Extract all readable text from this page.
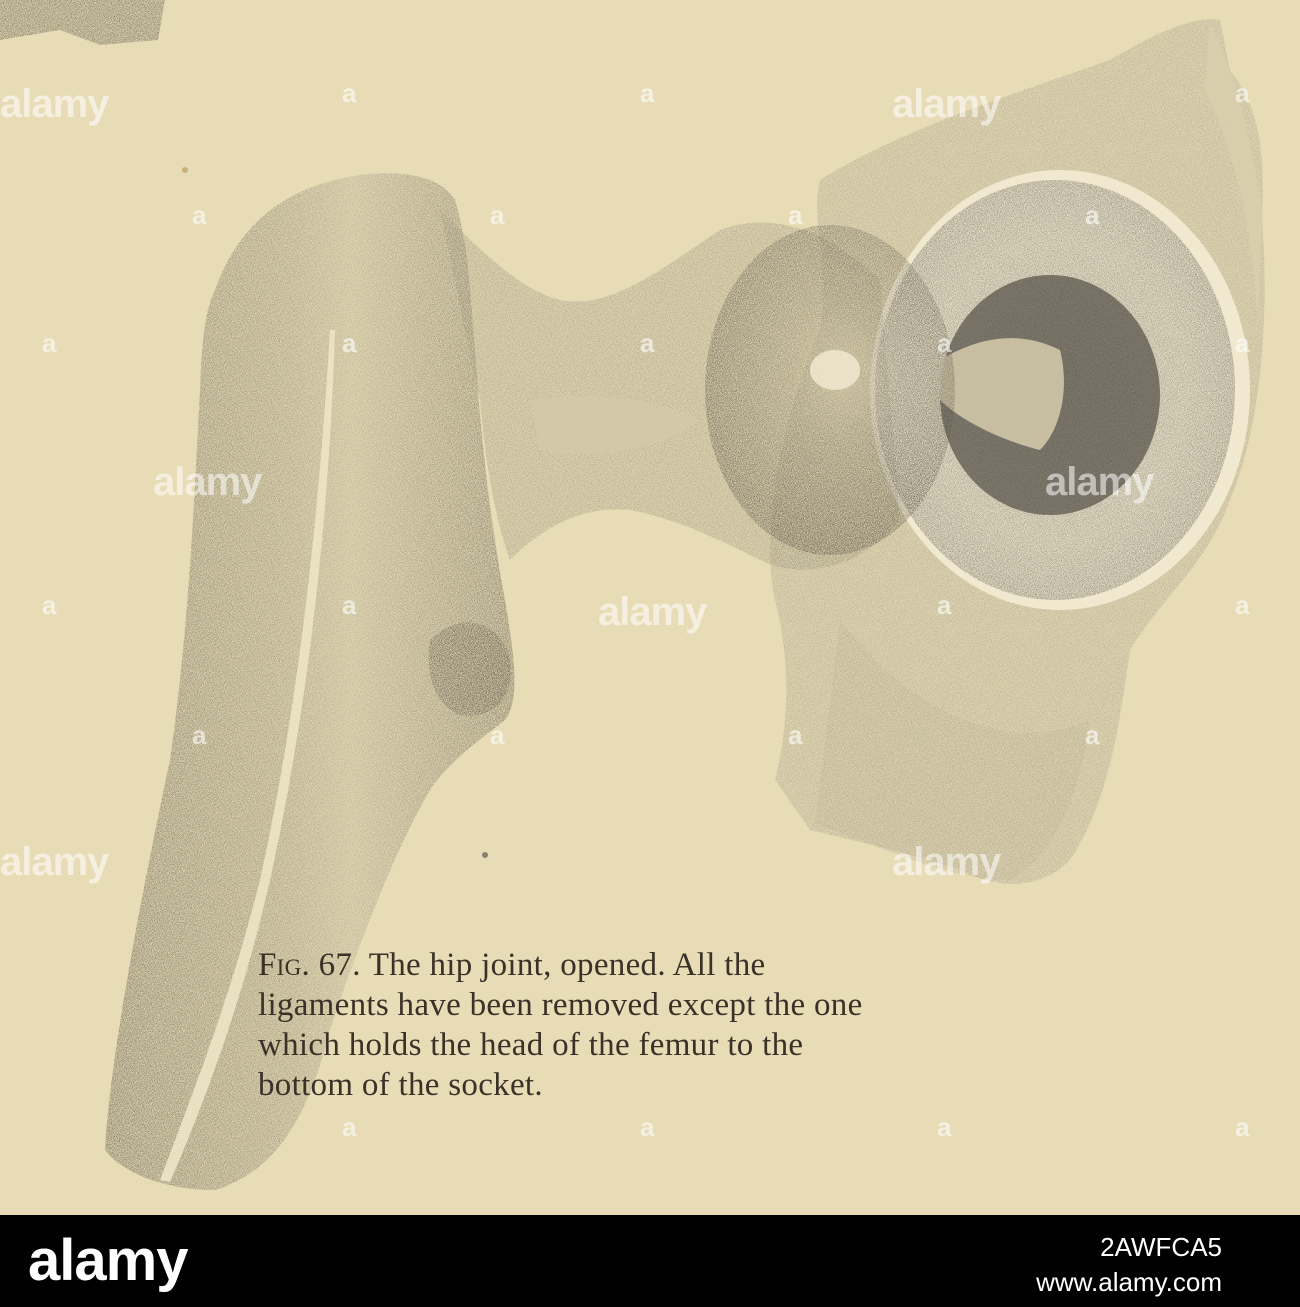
alamy	alamy
alamy	alamy
alamy
alamy	alamy
a	a	a
a	a	a	a
a	a	a	a	a
a	a	a	a
a	a	a	a
a	a	a	a

Fig. 67. The hip joint, opened. All the
ligaments have been removed except the one
which holds the head of the femur to the
bottom of the socket.

alamy	2AWFCA5
www.alamy.com
